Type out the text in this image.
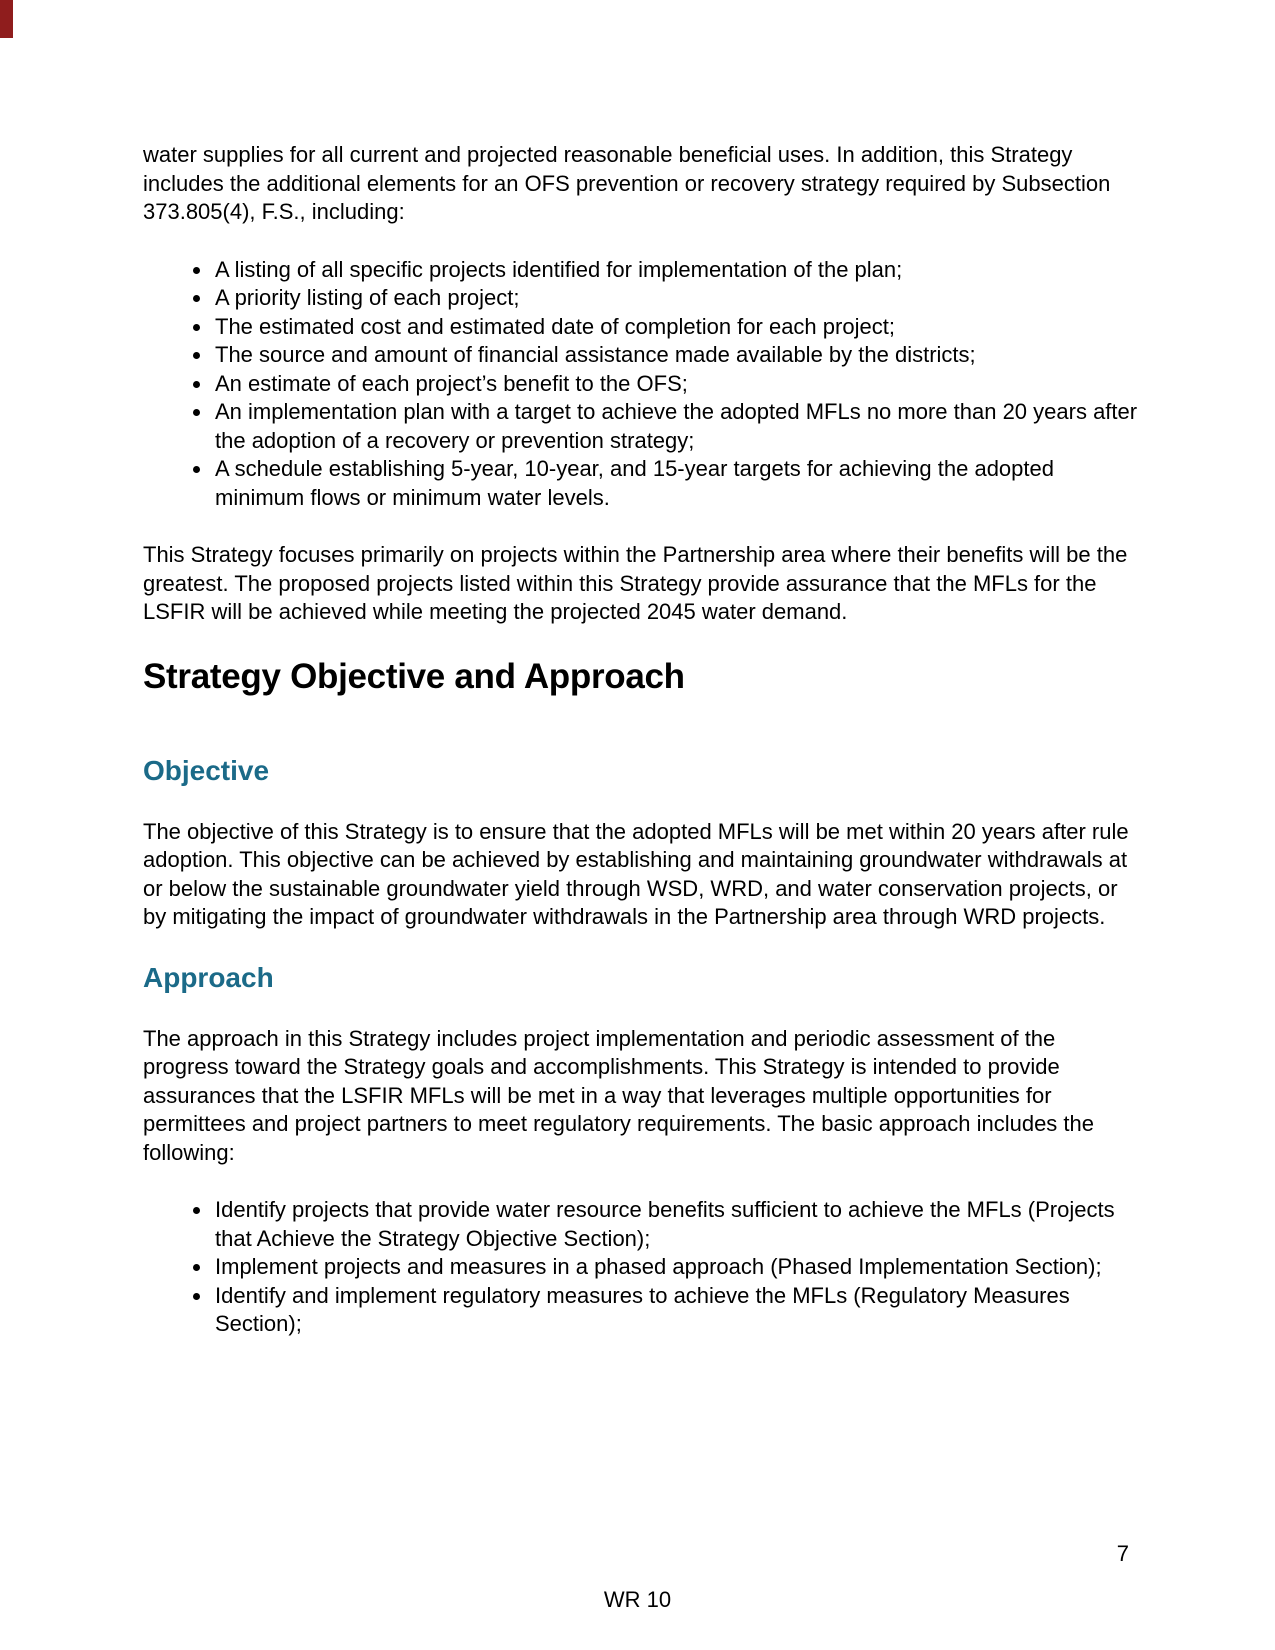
water supplies for all current and projected reasonable beneficial uses. In addition, this Strategy includes the additional elements for an OFS prevention or recovery strategy required by Subsection 373.805(4), F.S., including:

• A listing of all specific projects identified for implementation of the plan;
• A priority listing of each project;
• The estimated cost and estimated date of completion for each project;
• The source and amount of financial assistance made available by the districts;
• An estimate of each project’s benefit to the OFS;
• An implementation plan with a target to achieve the adopted MFLs no more than 20 years after the adoption of a recovery or prevention strategy;
• A schedule establishing 5-year, 10-year, and 15-year targets for achieving the adopted minimum flows or minimum water levels.

This Strategy focuses primarily on projects within the Partnership area where their benefits will be the greatest. The proposed projects listed within this Strategy provide assurance that the MFLs for the LSFIR will be achieved while meeting the projected 2045 water demand.

Strategy Objective and Approach
Objective

The objective of this Strategy is to ensure that the adopted MFLs will be met within 20 years after rule adoption. This objective can be achieved by establishing and maintaining groundwater withdrawals at or below the sustainable groundwater yield through WSD, WRD, and water conservation projects, or by mitigating the impact of groundwater withdrawals in the Partnership area through WRD projects.

Approach

The approach in this Strategy includes project implementation and periodic assessment of the progress toward the Strategy goals and accomplishments. This Strategy is intended to provide assurances that the LSFIR MFLs will be met in a way that leverages multiple opportunities for permittees and project partners to meet regulatory requirements. The basic approach includes the following:

• Identify projects that provide water resource benefits sufficient to achieve the MFLs (Projects that Achieve the Strategy Objective Section);
• Implement projects and measures in a phased approach (Phased Implementation Section);
• Identify and implement regulatory measures to achieve the MFLs (Regulatory Measures Section);
7
WR 10
